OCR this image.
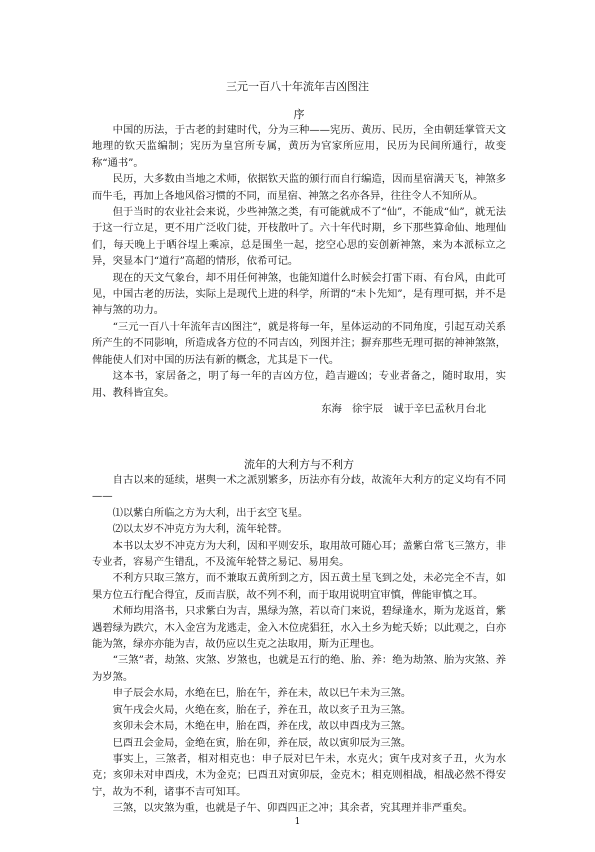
三元一百八十年流年吉凶图注
序

中国的历法，于古老的封建时代，分为三种——宪历、黄历、民历，全由朝廷掌管天文地理的钦天监编制；宪历为皇宫所专属，黄历为官家所应用，民历为民间所通行，故变称“通书”。

民历，大多数由当地之术师，依据钦天监的颁行而自行编造，因而星宿满天飞，神煞多而牛毛，再加上各地风俗习惯的不同，而星宿、神煞之名亦各异，往往令人不知所从。

但于当时的农业社会来说，少些神煞之类，有可能就成不了“仙”，不能成“仙”，就无法于这一行立足，更不用广泛收门徒，开枝散叶了。六十年代时期，乡下那些算命仙、地理仙们，每天晚上于晒谷埕上乘凉，总是围坐一起，挖空心思的妄创新神煞，来为本派标立之异，突显本门“道行”高超的情形，依希可记。

现在的天文气象台，却不用任何神煞，也能知道什么时候会打雷下雨、有台风，由此可见，中国古老的历法，实际上是现代上进的科学，所谓的“未卜先知”，是有理可据，并不是神与煞的功力。

“三元一百八十年流年吉凶图注”，就是将每一年，星体运动的不同角度，引起互动关系所产生的不同影响，所造成各方位的不同吉凶，列图并注；摒弃那些无理可据的神神煞煞，俾能使人们对中国的历法有新的概念，尤其是下一代。

这本书，家居备之，明了每一年的吉凶方位，趋吉避凶；专业者备之，随时取用，实用、教科皆宜矣。

东海　徐宇辰　诚于辛巳孟秋月台北

流年的大利方与不利方

自古以来的延续，堪舆一术之派别繁多，历法亦有分歧，故流年大利方的定义均有不同——

⑴以紫白所临之方为大利，出于玄空飞星。

⑵以太岁不冲克方为大利，流年轮替。

本书以太岁不冲克方为大利，因和平则安乐，取用故可随心耳；盖紫白常飞三煞方，非专业者，容易产生错乱，不及流年轮替之易记、易用矣。

不利方只取三煞方，而不兼取五黄所到之方，因五黄土星飞到之处，未必完全不吉，如果方位五行配合得宜，反而吉朕，故不列不利，而于取用说明宜审慎，俾能审慎之耳。

术师均用洛书，只求紫白为吉，黑绿为煞，若以奇门来说，碧绿逢水，斯为龙返首，紫遇碧绿为跌穴，木入金宫为龙逃走，金入木位虎猖狂，水入土乡为蛇夭娇；以此观之，白亦能为煞，绿亦亦能为吉，故仍应以生克之法取用，斯为正理也。

“三煞”者，劫煞、灾煞、岁煞也，也就是五行的绝、胎、养：绝为劫煞、胎为灾煞、养为岁煞。

申子辰会水局，水绝在巳，胎在午，养在未，故以巳午未为三煞。

寅午戌会火局，火绝在亥，胎在子，养在丑，故以亥子丑为三煞。

亥卯未会木局，木绝在申，胎在酉，养在戌，故以申酉戌为三煞。

巳酉丑会金局，金绝在寅，胎在卯，养在辰，故以寅卯辰为三煞。

事实上，三煞者，相对相克也：申子辰对巳午未，水克火；寅午戌对亥子丑，火为水克；亥卯未对申酉戌，木为金克；巳酉丑对寅卯辰，金克木；相克则相战，相战必然不得安宁，故为不利，诸事不吉可知耳。

三煞，以灾煞为重，也就是子午、卯酉四正之冲；其余者，究其理并非严重矣。

1
